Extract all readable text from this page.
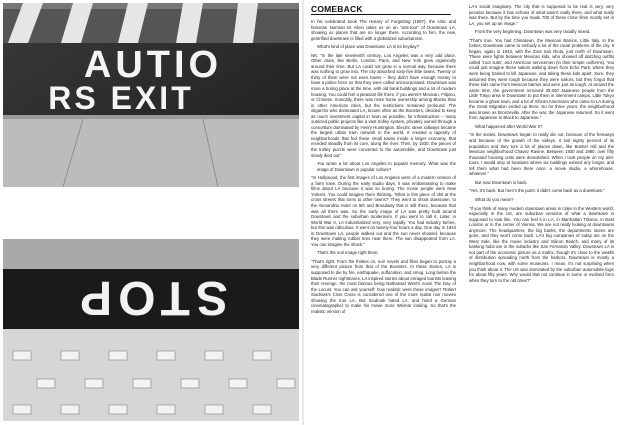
AUTIO
RS EXIT
STOP
COMEBACK

In his celebrated book The History of Forgetting (1997), the critic and historian Norman M. Klein takes us on an "anti-tour" of Downtown LA, showing us places that are no longer there. According to him, the new, gentrified downtown is filled with a globalized suburbanism.

What's kind of place was Downtown LA in its heyday?

NK: "In the late nineteenth century, Los Angeles was a very odd place. Other cities, like Berlin, London, Paris, and New York grew organically around their time. But LA could not grow in a normal way, because there was nothing to grow into. The city absorbed sixty-five little towns. Twenty or thirty of them were not even towns – they didn't have enough money to have a police force so that they were called unincorporated. Downtown was more a boring place at the time, with old bank buildings and a lot of modern housing. You could feel a pleasant life there, if you weren't Mexican, Filipino, or Chinese. Ironically, there was more home ownership among Blacks than in other American cities, but the restrictions remained profound. The oligarchs who dominated LA, known often as the Boosters, decided to keep as much investment capital in town as possible, for infrastructure – many outsized public projects like a vast trolley system, privately owned through a consortium dominated by Henry Huntington. Electric street railways became the largest urban tram network in the world. It created a tapestry of neighborhoods that fed these small towns inside a larger economy, that receded steadily from its core, along the river. Then, by 1930, the pieces of the trolley puzzle were converted to the automobile, and Downtown just slowly died out."

You wrote a lot about Los Angeles in popular memory. What was the image of Downtown in popular culture?

"In Hollywood, the first images of Los Angeles were of a modern version of a farm town. During the early studio days, it was embarrassing to make films about LA because it was so boring. The movie people were New Yorkers. You could imagine them thinking, 'What is this piece of shit at the cross streets that turns to other towns?' They went to shoot downtown, to the Alexandria Hotel on 5th and Broadway that is still there, because that was all there was. So the early image of LA was pretty built around Downtown and the suburban modernism. If you went to call it, Later, in World War II, LA industrialized very, very rapidly. You had industry before, but this was ridiculous. It went on twenty-four hours a day. One day in 1943 in Downtown LA, people walked out and the sun never showed, because they were making rubber tires near there. The sun disappeared from LA. You can imagine the shock."

That's the noir image right there.

"That's right. From the thirties on, noir novels and films began to portray a very different picture from that of the Boosters. In these stories, LA is supposed to die by fire, earthquake, suffocation, and smog. Long before the Blade Runner nightmares, LA inspired stories about enraged tourists leaving their revenge, the most famous being Nathanael West's novel The Day of the Locust. You can ask yourself: how realistic were these images? Robert Siodmak's Criss Cross is considered one of the more realist noir movies showing the true LA. But Siodmak hated LA, and hired a German cinematographer to make his movie more Weimar looking. So that's the realistic version of

LA's social imaginary. The city that is supposed to be real is very, very peculiar because it has echoes of what wasn't really there, and what really was there. But by the time you made 700 of these crime films mostly set in LA, you set up an image."

From the very beginning, Downtown was very racially mixed.

"That's true. You had Chinatown, the Mexican Barrios, Little Italy. In the forties, Downtown came to embody a lot of the racial problems of the city. It began, again in 1943, with the Zoot Suit Riots, just north of Downtown. These were fights between Mexican kids, who showed off dazzling outfits called 'zoot suits', and American servicemen (in their simple uniforms). You could just imagine these sailors walking down from Echo Park, where they were being trained to kill Japanese, and taking these kids apart. Sure, they assumed they were tough because they were sailors, but they forgot that these kids came from Mexican barrios and were just as tough. At around the same time, the government removed 35,000 Japanese people from the Little Tokyo area in Downtown to put them in internment camps. Little Tokyo became a ghost town, and a lot of African Americans who came to LA during the Great Migration ended up there. So for three years, the neighborhood was known as Bronzeville. After the war, the Japanese returned. So it went from Japanese to Black to Japanese."

What happened after World War II?

"In the sixties, Downtown began to really die out, because of the freeways and because of the growth of the valleys. It lost eighty percent of its population and they tore a lot of places down, like Bunker Hill and the Mexican neighborhood Chavez Ravine. Between 1930 and 1980, over fifty thousand housing units were demolished. When I took people on my anti-tours, I would stop at locations where six buildings existed any longer, and tell them what had been there once: a movie studio, a whorehouse, whatever."

But now Downtown is back.

"Yes, it's back. But here's the point: it didn't come back as a downtown."

What do you mean?

"If you think of many modern downtown areas in cities in the Western world, especially in the US, are suburban versions of what a downtown is supposed to look like. You can feel it in LA, in Manhattan Tribeca, in East London or in the center of Vienna. We are not really looking at downtowns anymore. The headquarters, the big banks, the departments stores are gone, and they won't come back. LA's big companies of today are on the West Side, like the movie industry and Silicon Beach, and many of its banking hubs are in the suburbs like San Fernando Valley. Downtown LA is not part of the economic picture as a matrix, though it's close to the wealth of distribution spreading north from the harbors. Downtown is mostly a neighborhood now, with some museums. I mean, it's not surprising when you think about it. The US was dominated by the suburban automobile logic for about fifty years. Why would that not continue in some or evolved form when they turn to the old cities?"
